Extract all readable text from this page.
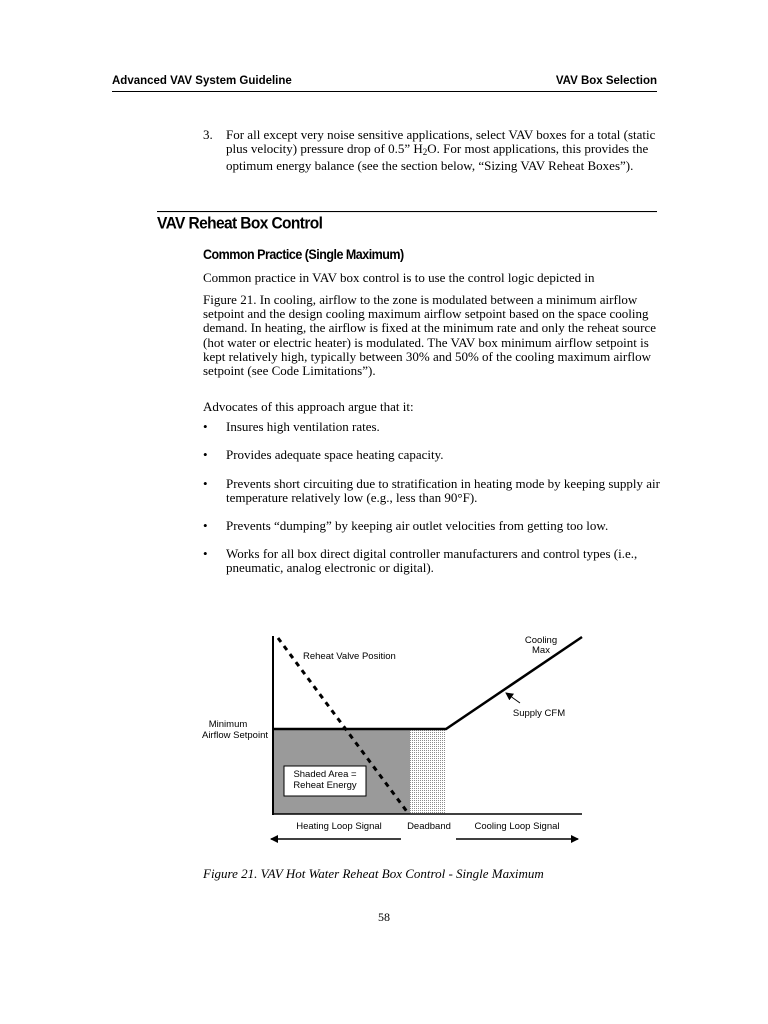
Advanced VAV System Guideline	VAV Box Selection
3. For all except very noise sensitive applications, select VAV boxes for a total (static plus velocity) pressure drop of 0.5” $H_2O$. For most applications, this provides the optimum energy balance (see the section below, “Sizing VAV Reheat Boxes”).
VAV Reheat Box Control
Common Practice (Single Maximum)
Common practice in VAV box control is to use the control logic depicted in
Figure 21. In cooling, airflow to the zone is modulated between a minimum airflow setpoint and the design cooling maximum airflow setpoint based on the space cooling demand. In heating, the airflow is fixed at the minimum rate and only the reheat source (hot water or electric heater) is modulated. The VAV box minimum airflow setpoint is kept relatively high, typically between 30% and 50% of the cooling maximum airflow setpoint (see Code Limitations”).
Advocates of this approach argue that it:
• Insures high ventilation rates.
• Provides adequate space heating capacity.
• Prevents short circuiting due to stratification in heating mode by keeping supply air temperature relatively low (e.g., less than 90°F).
• Prevents “dumping” by keeping air outlet velocities from getting too low.
• Works for all box direct digital controller manufacturers and control types (i.e., pneumatic, analog electronic or digital).
Reheat Valve Position
Cooling
Max
Supply CFM
Minimum
Airflow Setpoint
Shaded Area =
Reheat Energy
Heating Loop Signal	Deadband Cooling Loop Signal
Figure 21. VAV Hot Water Reheat Box Control - Single Maximum
58
